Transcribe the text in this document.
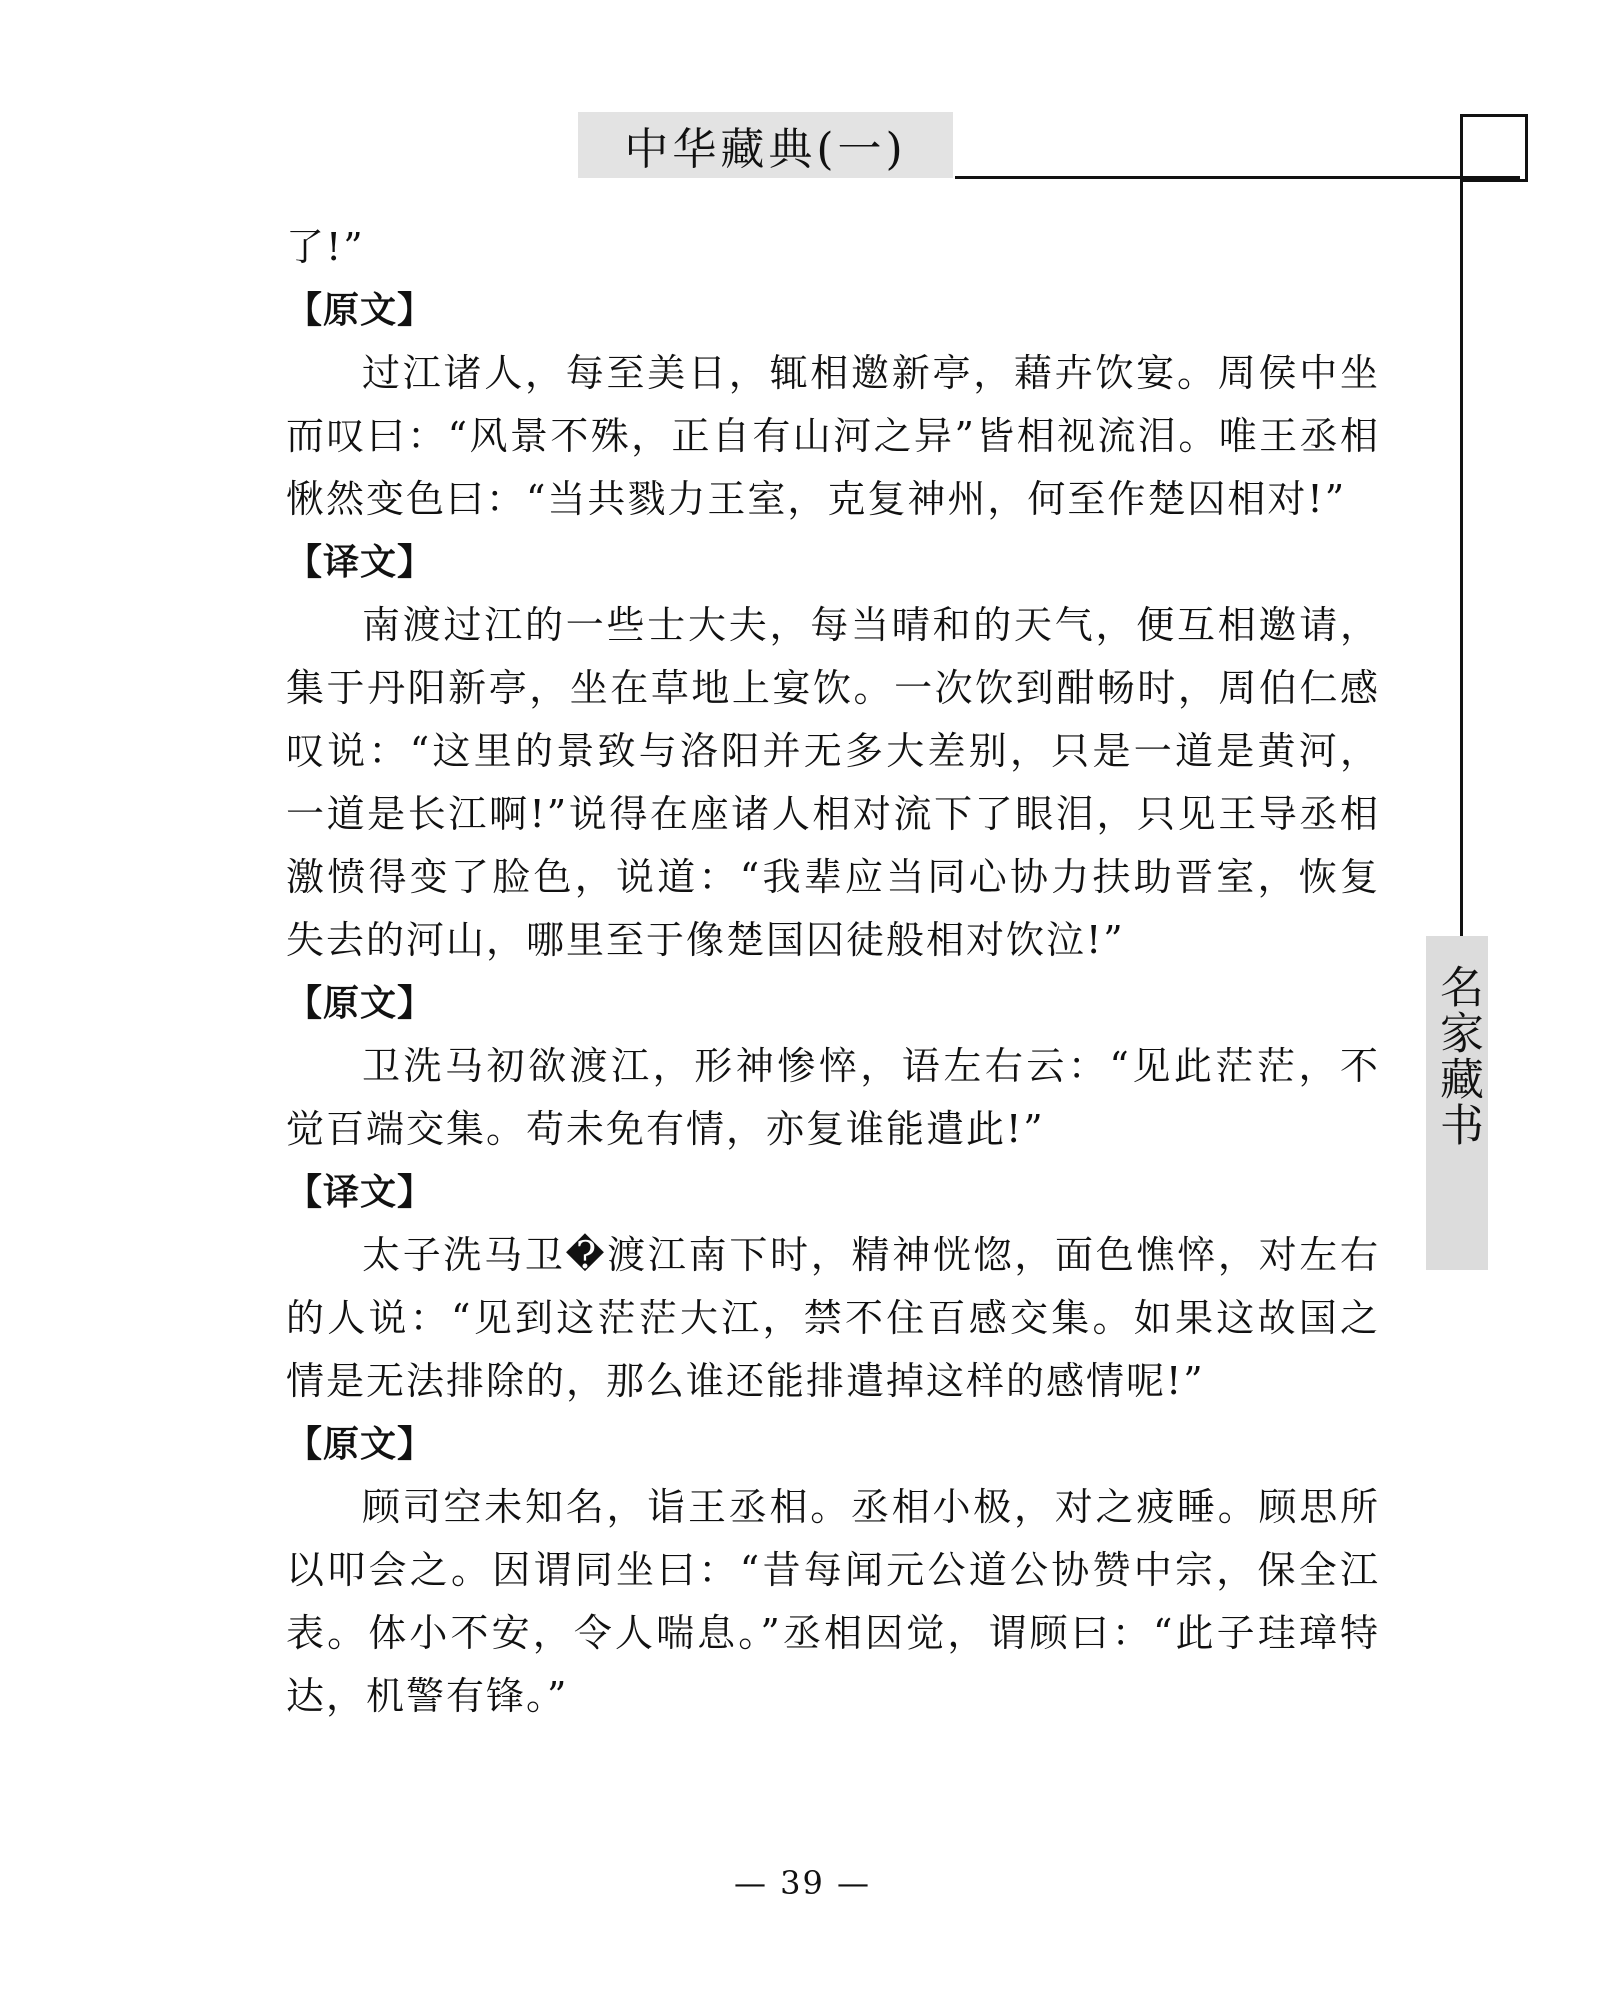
中华藏典(一)
名家藏书

了!”

【原文】

过江诸人，每至美日，辄相邀新亭，藉卉饮宴。周侯中坐而叹曰：“风景不殊，正自有山河之异”皆相视流泪。唯王丞相愀然变色曰：“当共戮力王室，克复神州，何至作楚囚相对!”

【译文】

南渡过江的一些士大夫，每当晴和的天气，便互相邀请，集于丹阳新亭，坐在草地上宴饮。一次饮到酣畅时，周伯仁感叹说：“这里的景致与洛阳并无多大差别，只是一道是黄河，一道是长江啊!”说得在座诸人相对流下了眼泪，只见王导丞相激愤得变了脸色，说道：“我辈应当同心协力扶助晋室，恢复失去的河山，哪里至于像楚国囚徒般相对饮泣!”

【原文】

卫洗马初欲渡江，形神惨悴，语左右云：“见此茫茫，不觉百端交集。苟未免有情，亦复谁能遣此!”

【译文】

太子洗马卫�渡江南下时，精神恍惚，面色憔悴，对左右的人说：“见到这茫茫大江，禁不住百感交集。如果这故国之情是无法排除的，那么谁还能排遣掉这样的感情呢!”

【原文】

顾司空未知名，诣王丞相。丞相小极，对之疲睡。顾思所以叩会之。因谓同坐曰：“昔每闻元公道公协赞中宗，保全江表。体小不安，令人喘息。”丞相因觉，谓顾曰：“此子珪璋特达，机警有锋。”

— 39 —
